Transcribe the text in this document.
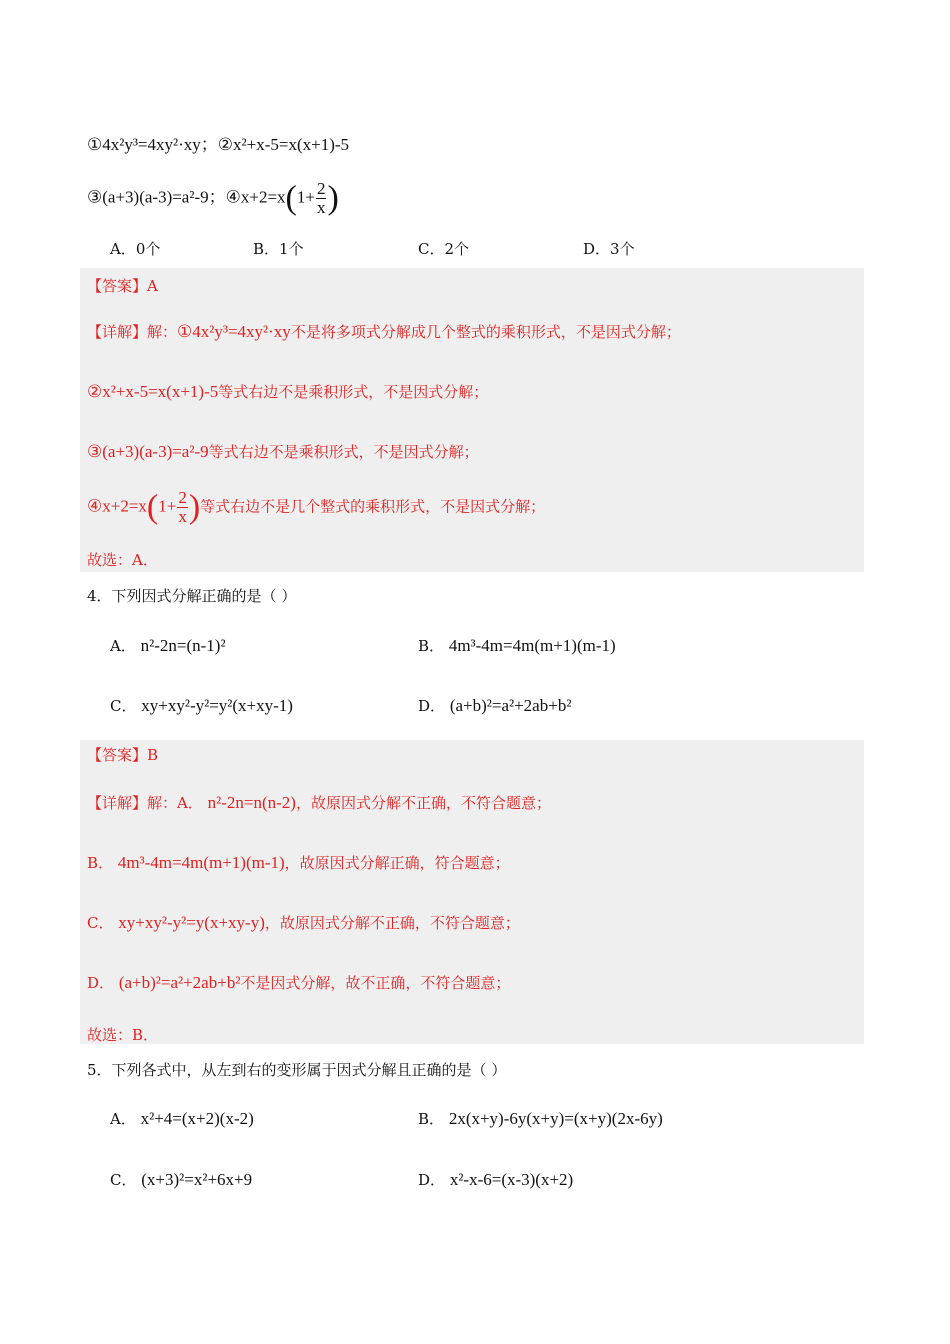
①4x²y³=4xy²·xy；②x²+x-5=x(x+1)-5
③(a+3)(a-3)=a²-9；④x+2=x(1+ $\frac{2}{x}$ )
A．0个	B．1个	C．2个	D．3个
【答案】A
【详解】解：①4x²y³=4xy²·xy不是将多项式分解成几个整式的乘积形式，不是因式分解；
②x²+x-5=x(x+1)-5等式右边不是乘积形式，不是因式分解；
③(a+3)(a-3)=a²-9等式右边不是乘积形式，不是因式分解；
④x+2=x(1+ $\frac{2}{x}$ )等式右边不是几个整式的乘积形式，不是因式分解；
故选：A．
4．下列因式分解正确的是（ ）
A． n²-2n=(n-1)²	B． 4m³-4m=4m(m+1)(m-1)
C． xy+xy²-y²=y²(x+xy-1)	D． (a+b)²=a²+2ab+b²
【答案】B
【详解】解：A． n²-2n=n(n-2)，故原因式分解不正确，不符合题意；
B． 4m³-4m=4m(m+1)(m-1)，故原因式分解正确，符合题意；
C． xy+xy²-y²=y(x+xy-y)，故原因式分解不正确，不符合题意；
D． (a+b)²=a²+2ab+b²不是因式分解，故不正确，不符合题意；
故选：B．
5．下列各式中，从左到右的变形属于因式分解且正确的是（ ）
A． x²+4=(x+2)(x-2)	B． 2x(x+y)-6y(x+y)=(x+y)(2x-6y)
C． (x+3)²=x²+6x+9	D． x²-x-6=(x-3)(x+2)
